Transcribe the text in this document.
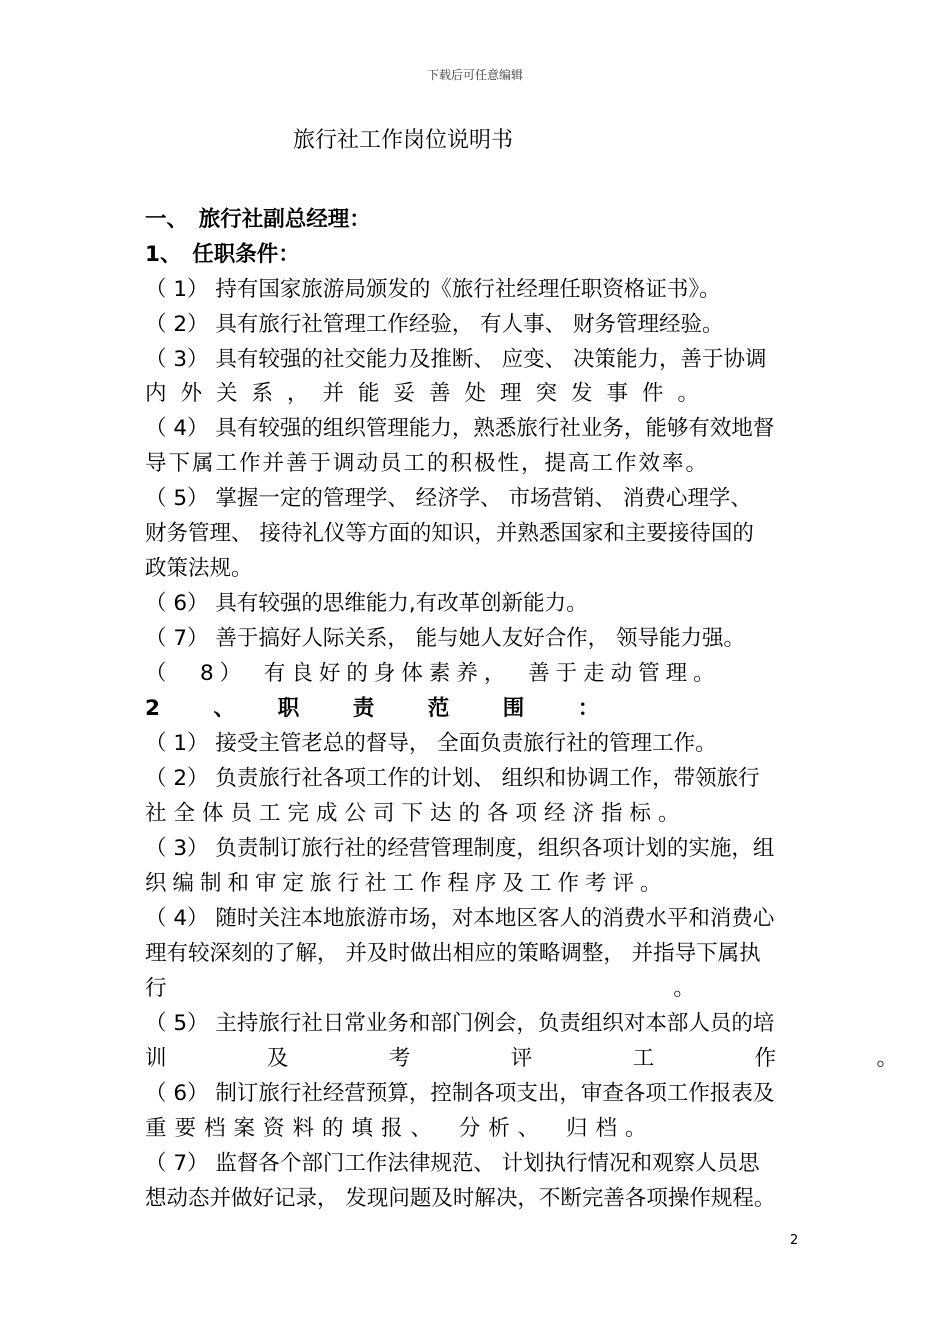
下载后可任意编辑
旅行社工作岗位说明书
一、　旅行社副总经理：
1、　任职条件：
（ 1） 持有国家旅游局颁发的《旅行社经理任职资格证书》。
（ 2） 具有旅行社管理工作经验， 有人事、 财务管理经验。
（ 3） 具有较强的社交能力及推断、 应变、 决策能力，善于协调
内外关系，并能妥善处理突发事件。
（ 4） 具有较强的组织管理能力，熟悉旅行社业务，能够有效地督
导下属工作并善于调动员工的积极性，提高工作效率。
（ 5） 掌握一定的管理学、 经济学、 市场营销、 消费心理学、
财务管理、 接待礼仪等方面的知识，并熟悉国家和主要接待国的
政策法规。
（ 6） 具有较强的思维能力,有改革创新能力。
（ 7） 善于搞好人际关系， 能与她人友好合作， 领导能力强。
（　8）　有良好的身体素养，　善于走动管理。
2　、　职　责　范　围　：
（ 1） 接受主管老总的督导， 全面负责旅行社的管理工作。
（ 2） 负责旅行社各项工作的计划、 组织和协调工作，带领旅行
社全体员工完成公司下达的各项经济指标。
（ 3） 负责制订旅行社的经营管理制度，组织各项计划的实施，组
织编制和审定旅行社工作程序及工作考评。
（ 4） 随时关注本地旅游市场，对本地区客人的消费水平和消费心
理有较深刻的了解， 并及时做出相应的策略调整， 并指导下属执
行　。
（ 5） 主持旅行社日常业务和部门例会，负责组织对本部人员的培
训　及　考　评　工　作　。
（ 6） 制订旅行社经营预算，控制各项支出，审查各项工作报表及
重要档案资料的填报、　分析、　归档。
（ 7） 监督各个部门工作法律规范、 计划执行情况和观察人员思
想动态并做好记录， 发现问题及时解决，不断完善各项操作规程。
2
